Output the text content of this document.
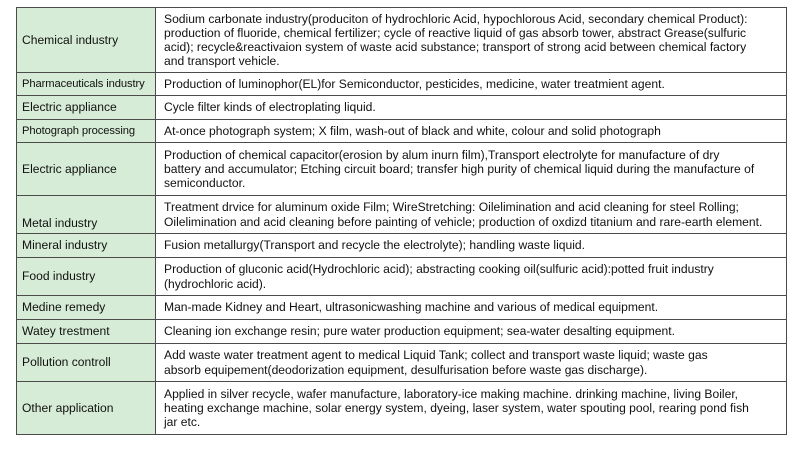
Chemical industry	Sodium carbonate industry(produciton of hydrochloric Acid, hypochlorous Acid, secondary chemical Product):
production of fluoride, chemical fertilizer; cycle of reactive liquid of gas absorb tower, abstract Grease(sulfuric
acid); recycle&reactivaion system of waste acid substance; transport of strong acid between chemical factory
and transport vehicle.

Pharmaceuticals industry	Production of luminophor(EL)for Semiconductor, pesticides, medicine, water treatmient agent.

Electric appliance	Cycle filter kinds of electroplating liquid.

Photograph processing	At-once photograph system; X film, wash-out of black and white, colour and solid photograph

Electric appliance	Production of chemical capacitor(erosion by alum inurn film),Transport electrolyte for manufacture of dry
battery and accumulator; Etching circuit board; transfer high purity of chemical liquid during the manufacture of
semiconductor.

Metal industry	Treatment drvice for aluminum oxide Film; WireStretching: Oilelimination and acid cleaning for steel Rolling;
Oilelimination and acid cleaning before painting of vehicle; production of oxdizd titanium and rare-earth element.

Mineral industry	Fusion metallurgy(Transport and recycle the electrolyte); handling waste liquid.

Food industry	Production of gluconic acid(Hydrochloric acid); abstracting cooking oil(sulfuric acid):potted fruit industry
(hydrochloric acid).

Medine remedy	Man-made Kidney and Heart, ultrasonicwashing machine and various of medical equipment.

Watey trestment	Cleaning ion exchange resin; pure water production equipment; sea-water desalting equipment.

Pollution controll	Add waste water treatment agent to medical Liquid Tank; collect and transport waste liquid; waste gas
absorb equipement(deodorization equipment, desulfurisation before waste gas discharge).

Other application	Applied in silver recycle, wafer manufacture, laboratory-ice making machine. drinking machine, living Boiler,
heating exchange machine, solar energy system, dyeing, laser system, water spouting pool, rearing pond fish
jar etc.
